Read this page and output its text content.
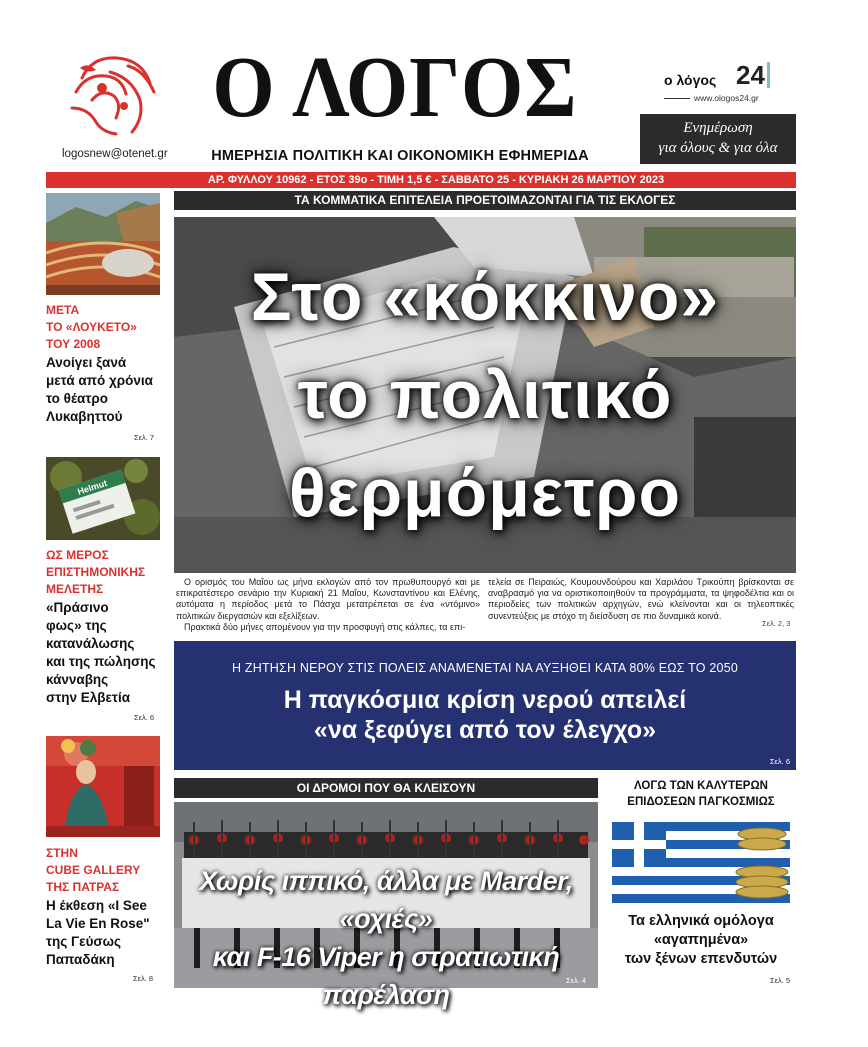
logosnew@otenet.gr
Ο ΛΟΓΟΣ
ΗΜΕΡΗΣΙΑ ΠΟΛΙΤΙΚΗ ΚΑΙ ΟΙΚΟΝΟΜΙΚΗ ΕΦΗΜΕΡΙΔΑ
ο λόγος 24
www.ologos24.gr
Ενημέρωση
για όλους & για όλα
ΑΡ. ΦΥΛΛΟΥ 10962 - ΕΤΟΣ 39ο - ΤΙΜΗ 1,5 € - ΣΑΒΒΑΤΟ 25 - ΚΥΡΙΑΚΗ 26 ΜΑΡΤΙΟΥ 2023
ΜΕΤΑ
ΤΟ «ΛΟΥΚΕΤΟ»
ΤΟΥ 2008
Ανοίγει ξανά
μετά από χρόνια
το θέατρο
Λυκαβηττού
Σελ. 7
Helmut
ΩΣ ΜΕΡΟΣ
ΕΠΙΣΤΗΜΟΝΙΚΗΣ
ΜΕΛΕΤΗΣ
«Πράσινο
φως» της
κατανάλωσης
και της πώλησης
κάνναβης
στην Ελβετία
Σελ. 6
ΣΤΗΝ
CUBE GALLERY
ΤΗΣ ΠΑΤΡΑΣ
Η έκθεση «I See
La Vie En Rose"
της Γεύσως
Παπαδάκη
Σελ. 8
ΤΑ ΚΟΜΜΑΤΙΚΑ ΕΠΙΤΕΛΕΙΑ ΠΡΟΕΤΟΙΜΑΖΟΝΤΑΙ ΓΙΑ ΤΙΣ ΕΚΛΟΓΕΣ
Στο «κόκκινο»
το πολιτικό
θερμόμετρο

Ο ορισμός του Μαΐου ως μήνα εκλογών από τον πρωθυπουργό και με επικρατέστερο σενάριο την Κυριακή 21 Μαΐου, Κωνσταντίνου και Ελένης, αυτόματα η περίοδος μετά το Πάσχα μετατρέπεται σε ένα «ντόμινο» πολιτικών διεργασιών και εξελίξεων.

Πρακτικά δύο μήνες απομένουν για την προσφυγή στις κάλπες, τα επι-

τελεία σε Πειραιώς, Κουμουνδούρου και Χαριλάου Τρικούπη βρίσκονται σε αναβρασμό για να οριστικοποιηθούν τα προγράμματα, τα ψηφοδέλτια και οι περιοδείες των πολιτικών αρχηγών, ενώ κλείνονται και οι τηλεοπτικές συνεντεύξεις με στόχο τη διείσδυση σε πιο δυναμικά κοινά.
Σελ. 2, 3
Η ΖΗΤΗΣΗ ΝΕΡΟΥ ΣΤΙΣ ΠΟΛΕΙΣ ΑΝΑΜΕΝΕΤΑΙ ΝΑ ΑΥΞΗΘΕΙ ΚΑΤΑ 80% ΕΩΣ ΤΟ 2050
Η παγκόσμια κρίση νερού απειλεί
«να ξεφύγει από τον έλεγχο»
Σελ. 6
ΟΙ ΔΡΟΜΟΙ ΠΟΥ ΘΑ ΚΛΕΙΣΟΥΝ
Χωρίς ιππικό, άλλα με Marder, «οχιές»
και F-16 Viper η στρατιωτική παρέλαση	Σελ. 4
ΛΟΓΩ ΤΩΝ ΚΑΛΥΤΕΡΩΝ
ΕΠΙΔΟΣΕΩΝ ΠΑΓΚΟΣΜΙΩΣ
Τα ελληνικά ομόλογα
«αγαπημένα»
των ξένων επενδυτών
Σελ. 5
